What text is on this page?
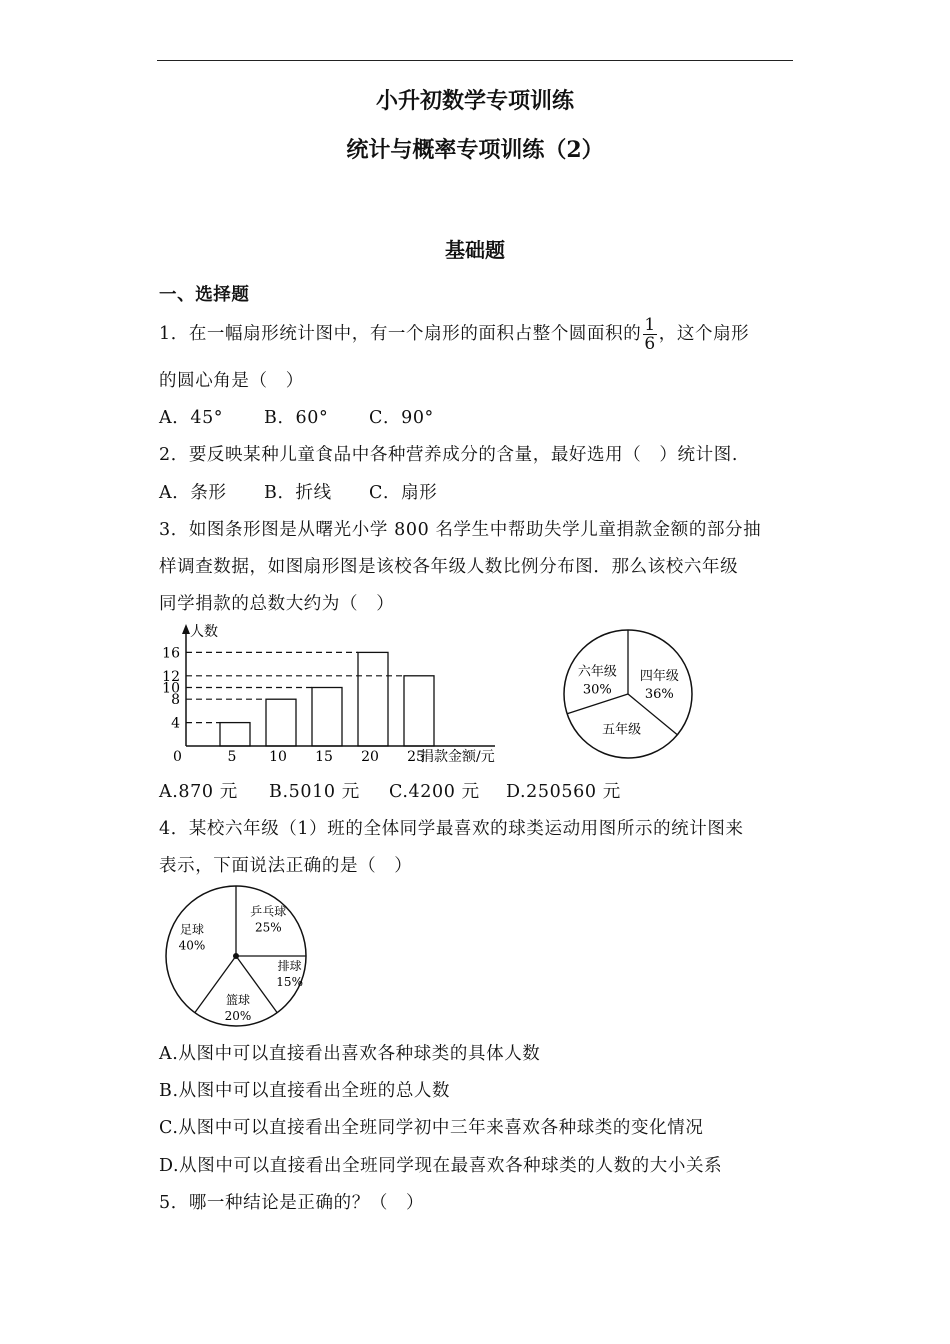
小升初数学专项训练
统计与概率专项训练（2）
基础题
一、选择题
1．在一幅扇形统计图中，有一个扇形的面积占整个圆面积的 $\frac{1}{6}$ ，这个扇形
的圆心角是（　）
A．45° B．60° C．90°
2．要反映某种儿童食品中各种营养成分的含量，最好选用（　）统计图.
A．条形 B．折线 C．扇形
3．如图条形图是从曙光小学 800 名学生中帮助失学儿童捐款金额的部分抽
样调查数据，如图扇形图是该校各年级人数比例分布图．那么该校六年级
同学捐款的总数大约为（　）
人数
捐款金额/元
0
4
8
10
12
16
5 10 15 20 25
六年级
30%
四年级
36%
五年级
A.870 元 B.5010 元 C.4200 元 D.250560 元
4．某校六年级（1）班的全体同学最喜欢的球类运动用图所示的统计图来
表示，下面说法正确的是（　）
乒乓球
25%
排球
15%
篮球
20%
足球
40%
A.从图中可以直接看出喜欢各种球类的具体人数
B.从图中可以直接看出全班的总人数
C.从图中可以直接看出全班同学初中三年来喜欢各种球类的变化情况
D.从图中可以直接看出全班同学现在最喜欢各种球类的人数的大小关系
5．哪一种结论是正确的？（　）
